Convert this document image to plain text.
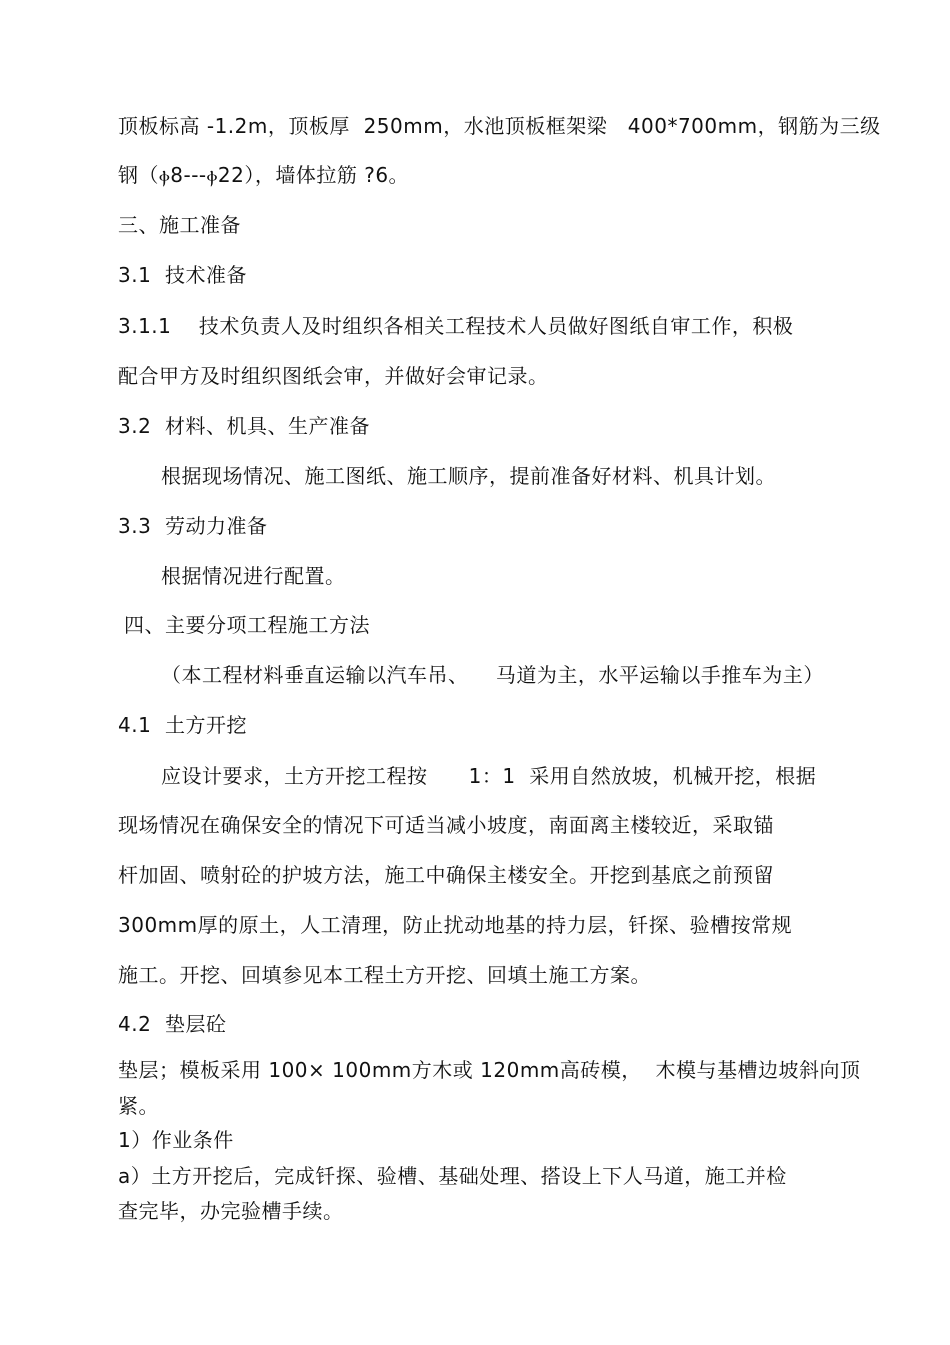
顶板标高 -1.2m，顶板厚  250mm，水池顶板框架梁   400*700mm，钢筋为三级
钢（ⲫ8---ⲫ22），墙体拉筋 ?6。
三、施工准备
3.1  技术准备
3.1.1    技术负责人及时组织各相关工程技术人员做好图纸自审工作，积极
配合甲方及时组织图纸会审，并做好会审记录。
3.2  材料、机具、生产准备
根据现场情况、施工图纸、施工顺序，提前准备好材料、机具计划。
3.3  劳动力准备
根据情况进行配置。
四、主要分项工程施工方法
（本工程材料垂直运输以汽车吊、    马道为主，水平运输以手推车为主）
4.1  土方开挖
应设计要求，土方开挖工程按      1：1  采用自然放坡，机械开挖，根据
现场情况在确保安全的情况下可适当减小坡度，南面离主楼较近，采取锚
杆加固、喷射砼的护坡方法，施工中确保主楼安全。开挖到基底之前预留
300mm厚的原土，人工清理，防止扰动地基的持力层，钎探、验槽按常规
施工。开挖、回填参见本工程土方开挖、回填土施工方案。
4.2  垫层砼
垫层；模板采用 100× 100mm方木或 120mm高砖模，  木模与基槽边坡斜向顶
紧。
1）作业条件
a）土方开挖后，完成钎探、验槽、基础处理、搭设上下人马道，施工并检
查完毕，办完验槽手续。
